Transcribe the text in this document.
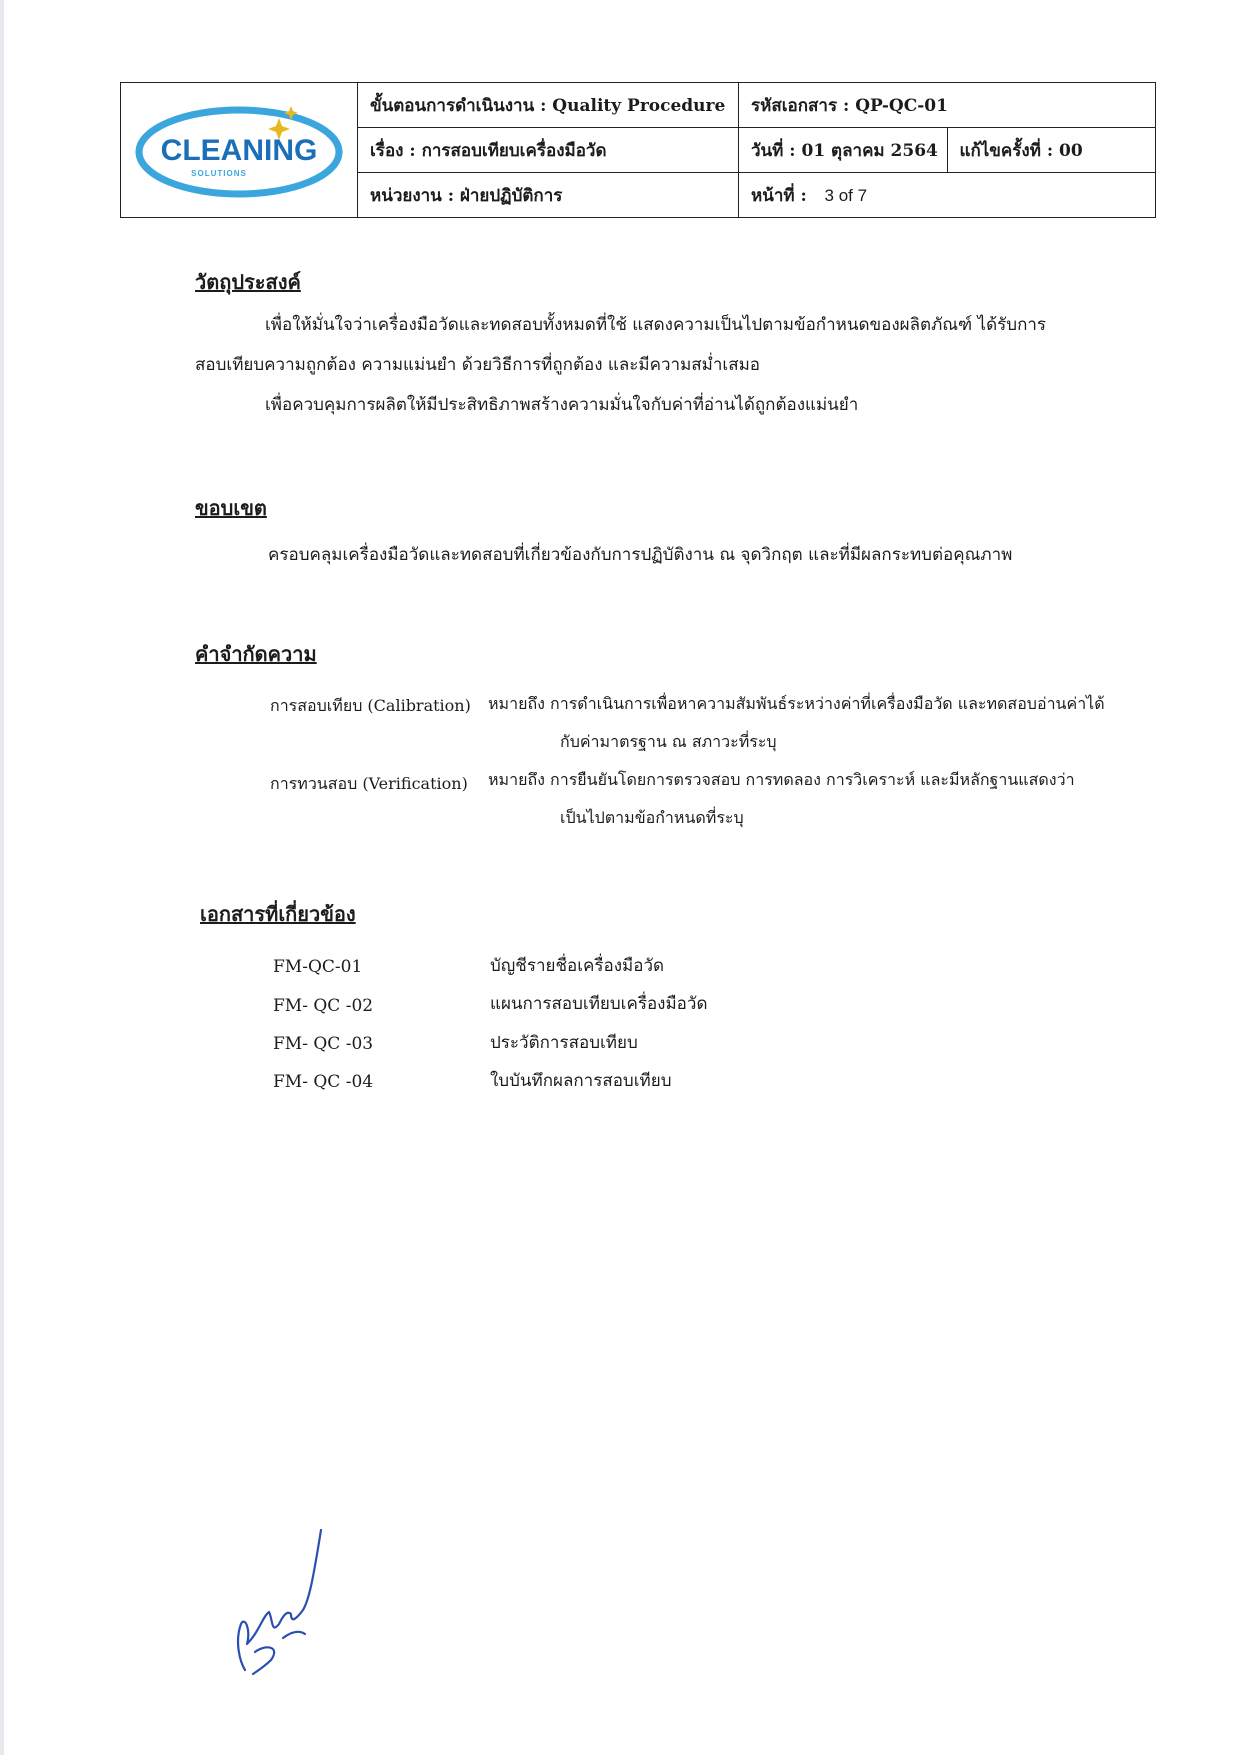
CLEANING
SOLUTIONS	ขั้นตอนการดำเนินงาน : Quality Procedure	รหัสเอกสาร : QP-QC-01	
	เรื่อง : การสอบเทียบเครื่องมือวัด	วันที่ : 01 ตุลาคม 2564	แก้ไขครั้งที่ : 00
	หน่วยงาน : ฝ่ายปฏิบัติการ	หน้าที่ : 3 of 7	
วัตถุประสงค์

เพื่อให้มั่นใจว่าเครื่องมือวัดและทดสอบทั้งหมดที่ใช้ แสดงความเป็นไปตามข้อกำหนดของผลิตภัณฑ์ ได้รับการ

สอบเทียบความถูกต้อง ความแม่นยำ ด้วยวิธีการที่ถูกต้อง และมีความสม่ำเสมอ

เพื่อควบคุมการผลิตให้มีประสิทธิภาพสร้างความมั่นใจกับค่าที่อ่านได้ถูกต้องแม่นยำ

ขอบเขต

ครอบคลุมเครื่องมือวัดและทดสอบที่เกี่ยวข้องกับการปฏิบัติงาน ณ จุดวิกฤต และที่มีผลกระทบต่อคุณภาพ

คำจำกัดความ
การสอบเทียบ (Calibration) หมายถึง การดำเนินการเพื่อหาความสัมพันธ์ระหว่างค่าที่เครื่องมือวัด และทดสอบอ่านค่าได้
กับค่ามาตรฐาน ณ สภาวะที่ระบุ
การทวนสอบ (Verification) หมายถึง การยืนยันโดยการตรวจสอบ การทดลอง การวิเคราะห์ และมีหลักฐานแสดงว่า
เป็นไปตามข้อกำหนดที่ระบุ
เอกสารที่เกี่ยวข้อง
FM-QC-01	บัญชีรายชื่อเครื่องมือวัด
FM- QC -02	แผนการสอบเทียบเครื่องมือวัด
FM- QC -03	ประวัติการสอบเทียบ
FM- QC -04	ใบบันทึกผลการสอบเทียบ
